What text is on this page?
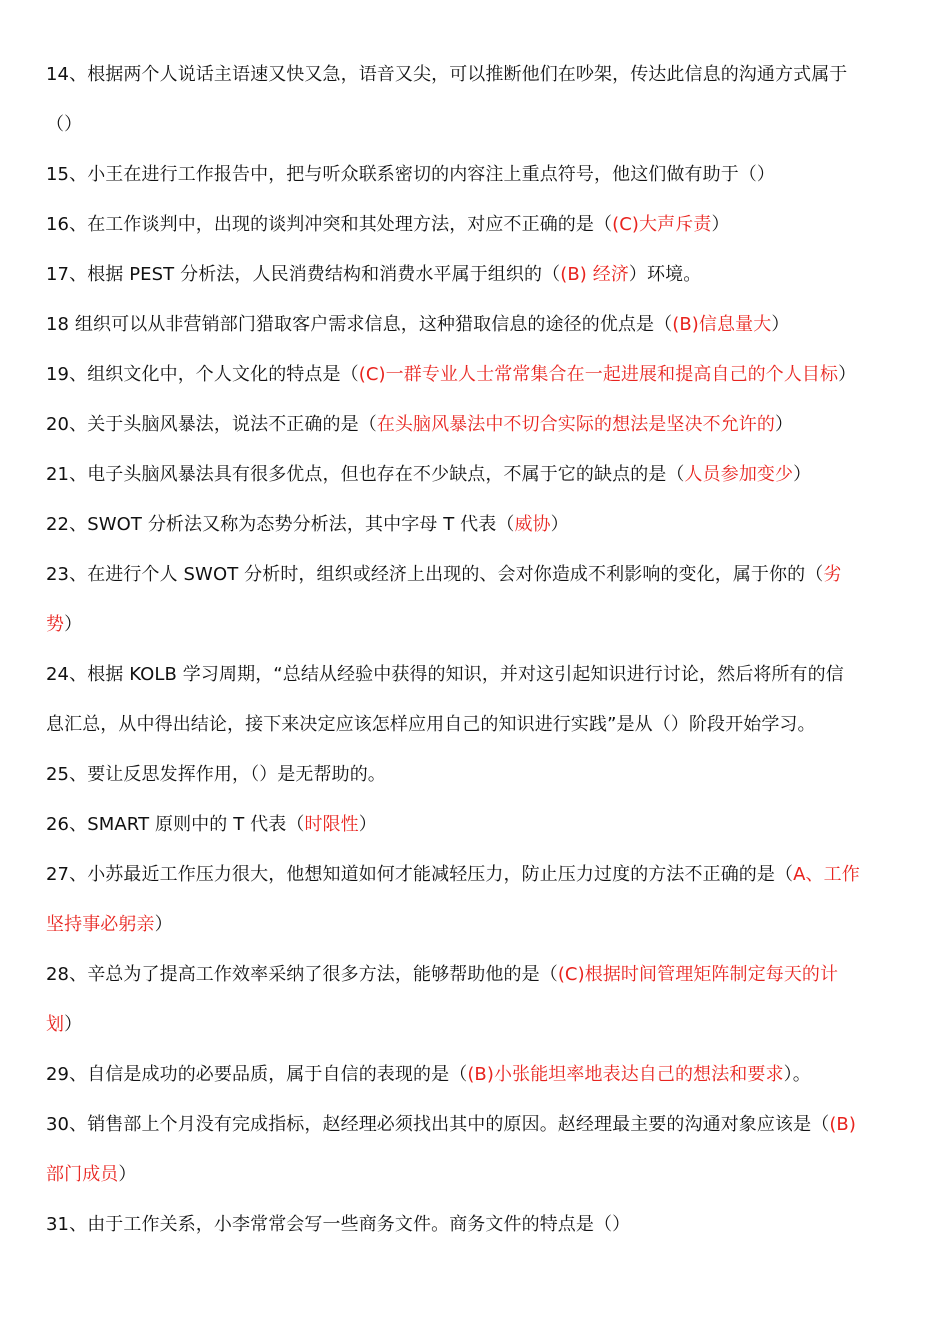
14、根据两个人说话主语速又快又急，语音又尖，可以推断他们在吵架，传达此信息的沟通方式属于
（）
15、小王在进行工作报告中，把与听众联系密切的内容注上重点符号，他这们做有助于（）
16、在工作谈判中，出现的谈判冲突和其处理方法，对应不正确的是（(C)大声斥责）
17、根据 PEST 分析法，人民消费结构和消费水平属于组织的（(B) 经济）环境。
18 组织可以从非营销部门猎取客户需求信息，这种猎取信息的途径的优点是（(B)信息量大）
19、组织文化中，个人文化的特点是（(C)一群专业人士常常集合在一起进展和提高自己的个人目标）
20、关于头脑风暴法，说法不正确的是（在头脑风暴法中不切合实际的想法是坚决不允许的）
21、电子头脑风暴法具有很多优点，但也存在不少缺点，不属于它的缺点的是（人员参加变少）
22、SWOT 分析法又称为态势分析法，其中字母 T 代表（威协）
23、在进行个人 SWOT 分析时，组织或经济上出现的、会对你造成不利影响的变化，属于你的（劣
势）
24、根据 KOLB 学习周期，“总结从经验中获得的知识，并对这引起知识进行讨论，然后将所有的信
息汇总，从中得出结论，接下来决定应该怎样应用自己的知识进行实践”是从（）阶段开始学习。
25、要让反思发挥作用，（）是无帮助的。
26、SMART 原则中的 T 代表（时限性）
27、小苏最近工作压力很大，他想知道如何才能减轻压力，防止压力过度的方法不正确的是（A、工作
坚持事必躬亲）
28、辛总为了提高工作效率采纳了很多方法，能够帮助他的是（(C)根据时间管理矩阵制定每天的计
划）
29、自信是成功的必要品质，属于自信的表现的是（(B)小张能坦率地表达自己的想法和要求）。
30、销售部上个月没有完成指标，赵经理必须找出其中的原因。赵经理最主要的沟通对象应该是（(B)
部门成员）
31、由于工作关系，小李常常会写一些商务文件。商务文件的特点是（）
